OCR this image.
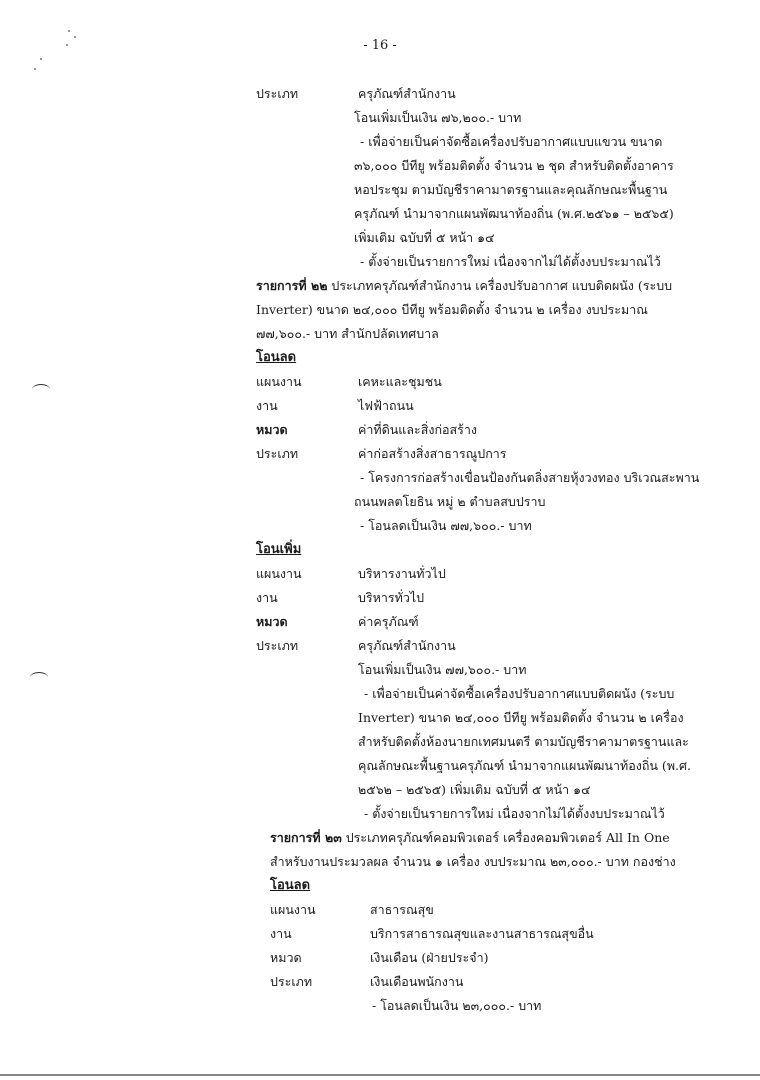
- 16 -
ประเภท	ครุภัณฑ์สำนักงาน
โอนเพิ่มเป็นเงิน ๗๖,๒๐๐.- บาท
- เพื่อจ่ายเป็นค่าจัดซื้อเครื่องปรับอากาศแบบแขวน ขนาด
๓๖,๐๐๐ บีทียู พร้อมติดตั้ง จำนวน ๒ ชุด สำหรับติดตั้งอาคาร
หอประชุม ตามบัญชีราคามาตรฐานและคุณลักษณะพื้นฐาน
ครุภัณฑ์ นำมาจากแผนพัฒนาท้องถิ่น (พ.ศ.๒๕๖๑ – ๒๕๖๕)
เพิ่มเติม ฉบับที่ ๕ หน้า ๑๔
- ตั้งจ่ายเป็นรายการใหม่ เนื่องจากไม่ได้ตั้งงบประมาณไว้
รายการที่ ๒๒ ประเภทครุภัณฑ์สำนักงาน เครื่องปรับอากาศ แบบติดผนัง (ระบบ
Inverter) ขนาด ๒๔,๐๐๐ บีทียู พร้อมติดตั้ง จำนวน ๒ เครื่อง งบประมาณ
๗๗,๖๐๐.- บาท สำนักปลัดเทศบาล
โอนลด
แผนงาน	เคหะและชุมชน
งาน	ไฟฟ้าถนน
หมวด	ค่าที่ดินและสิ่งก่อสร้าง
ประเภท	ค่าก่อสร้างสิ่งสาธารณูปการ
- โครงการก่อสร้างเขื่อนป้องกันตลิ่งสายหุ้งวงทอง บริเวณสะพาน
ถนนพลตโยธิน หมู่ ๒ ตำบลสบปราบ
- โอนลดเป็นเงิน ๗๗,๖๐๐.- บาท
โอนเพิ่ม
แผนงาน	บริหารงานทั่วไป
งาน	บริหารทั่วไป
หมวด	ค่าครุภัณฑ์
ประเภท	ครุภัณฑ์สำนักงาน
โอนเพิ่มเป็นเงิน ๗๗,๖๐๐.- บาท
- เพื่อจ่ายเป็นค่าจัดซื้อเครื่องปรับอากาศแบบติดผนัง (ระบบ
Inverter) ขนาด ๒๔,๐๐๐ บีทียู พร้อมติดตั้ง จำนวน ๒ เครื่อง
สำหรับติดตั้งห้องนายกเทศมนตรี ตามบัญชีราคามาตรฐานและ
คุณลักษณะพื้นฐานครุภัณฑ์ นำมาจากแผนพัฒนาท้องถิ่น (พ.ศ.
๒๕๖๒ – ๒๕๖๕) เพิ่มเติม ฉบับที่ ๕ หน้า ๑๔
- ตั้งจ่ายเป็นรายการใหม่ เนื่องจากไม่ได้ตั้งงบประมาณไว้
รายการที่ ๒๓ ประเภทครุภัณฑ์คอมพิวเตอร์ เครื่องคอมพิวเตอร์ All In One
สำหรับงานประมวลผล จำนวน ๑ เครื่อง งบประมาณ ๒๓,๐๐๐.- บาท กองช่าง
โอนลด
แผนงาน	สาธารณสุข
งาน	บริการสาธารณสุขและงานสาธารณสุขอื่น
หมวด	เงินเดือน (ฝ่ายประจำ)
ประเภท	เงินเดือนพนักงาน
- โอนลดเป็นเงิน ๒๓,๐๐๐.- บาท
